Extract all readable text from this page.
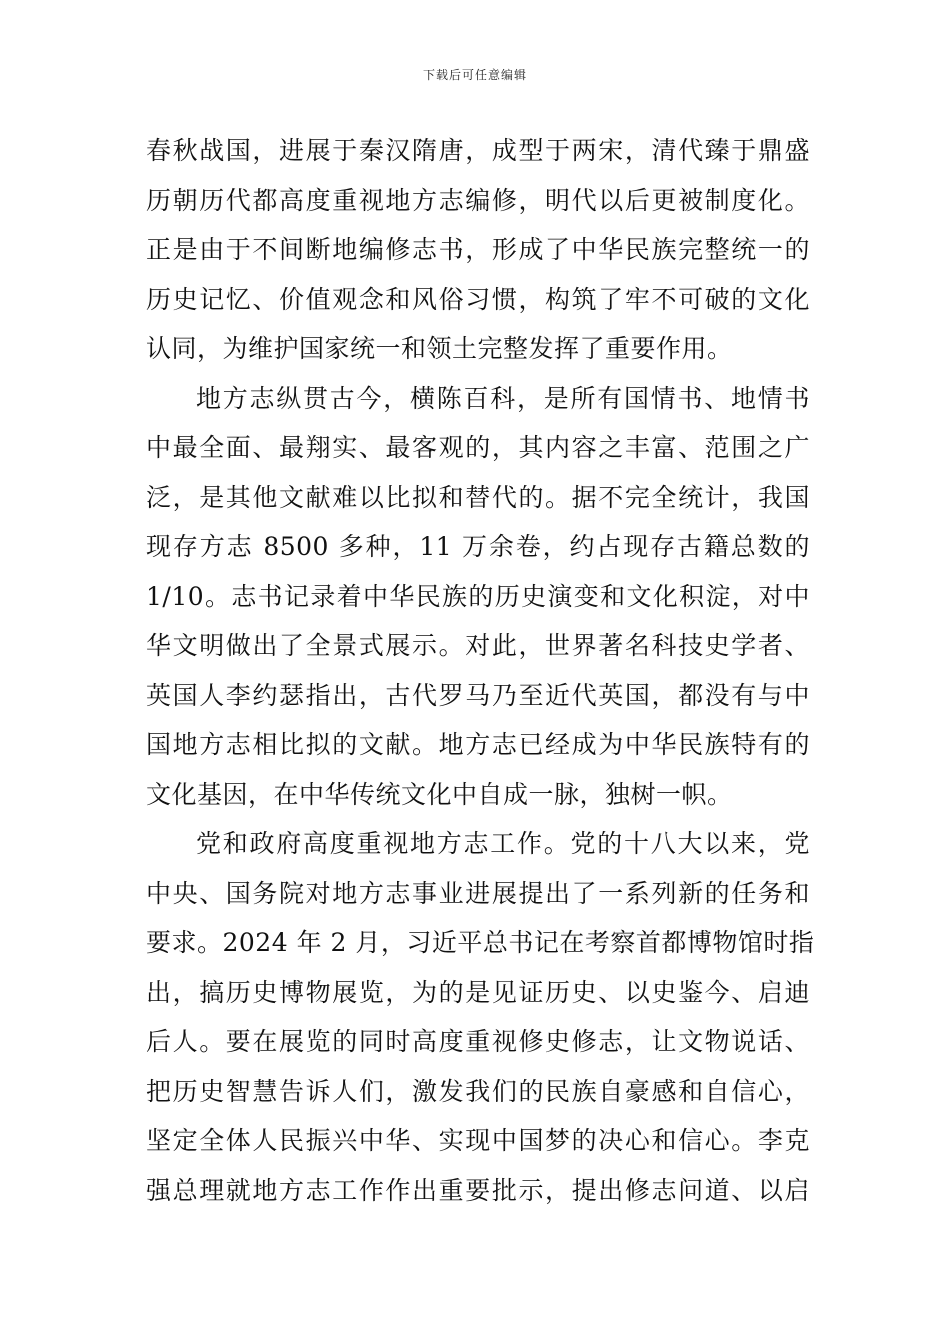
下载后可任意编辑
春秋战国，进展于秦汉隋唐，成型于两宋，清代臻于鼎盛
历朝历代都高度重视地方志编修，明代以后更被制度化。
正是由于不间断地编修志书，形成了中华民族完整统一的
历史记忆、价值观念和风俗习惯，构筑了牢不可破的文化
认同，为维护国家统一和领土完整发挥了重要作用。
地方志纵贯古今，横陈百科，是所有国情书、地情书
中最全面、最翔实、最客观的，其内容之丰富、范围之广
泛，是其他文献难以比拟和替代的。据不完全统计，我国
现存方志 8500 多种，11 万余卷，约占现存古籍总数的
1/10。志书记录着中华民族的历史演变和文化积淀，对中
华文明做出了全景式展示。对此，世界著名科技史学者、
英国人李约瑟指出，古代罗马乃至近代英国，都没有与中
国地方志相比拟的文献。地方志已经成为中华民族特有的
文化基因，在中华传统文化中自成一脉，独树一帜。
党和政府高度重视地方志工作。党的十八大以来，党
中央、国务院对地方志事业进展提出了一系列新的任务和
要求。2024 年 2 月，习近平总书记在考察首都博物馆时指
出，搞历史博物展览，为的是见证历史、以史鉴今、启迪
后人。要在展览的同时高度重视修史修志，让文物说话、
把历史智慧告诉人们，激发我们的民族自豪感和自信心，
坚定全体人民振兴中华、实现中国梦的决心和信心。李克
强总理就地方志工作作出重要批示，提出修志问道、以启
